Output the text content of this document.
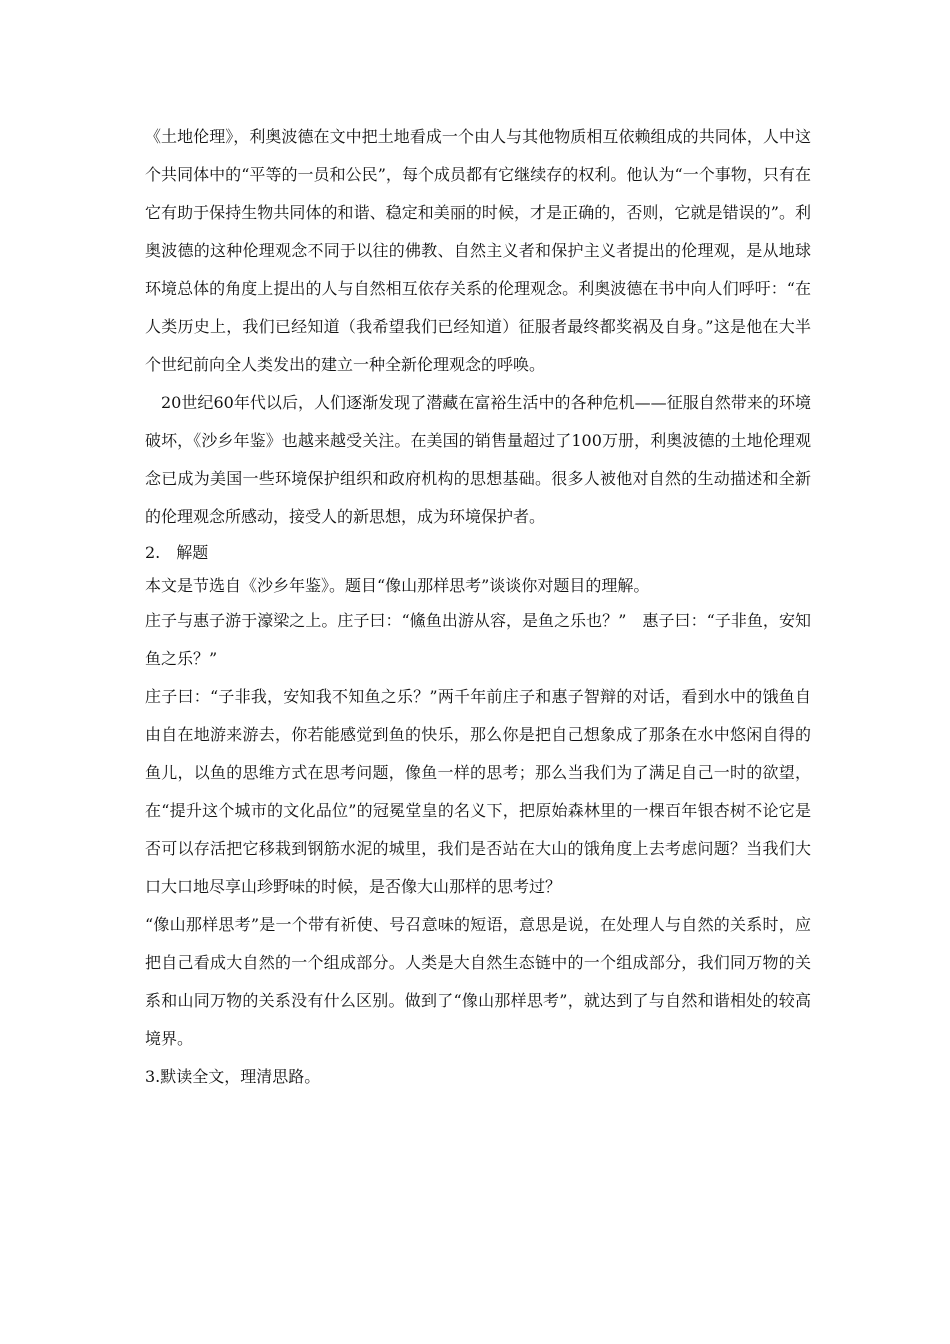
《土地伦理》，利奥波德在文中把土地看成一个由人与其他物质相互依赖组成的共同体，人中这个共同体中的“平等的一员和公民”，每个成员都有它继续存的权利。他认为“一个事物，只有在它有助于保持生物共同体的和谐、稳定和美丽的时候，才是正确的，否则，它就是错误的”。利奥波德的这种伦理观念不同于以往的佛教、自然主义者和保护主义者提出的伦理观，是从地球环境总体的角度上提出的人与自然相互依存关系的伦理观念。利奥波德在书中向人们呼吁：“在人类历史上，我们已经知道（我希望我们已经知道）征服者最终都奖祸及自身。”这是他在大半个世纪前向全人类发出的建立一种全新伦理观念的呼唤。

20世纪60年代以后，人们逐渐发现了潜藏在富裕生活中的各种危机——征服自然带来的环境破坏，《沙乡年鉴》也越来越受关注。在美国的销售量超过了100万册，利奥波德的土地伦理观念已成为美国一些环境保护组织和政府机构的思想基础。很多人被他对自然的生动描述和全新的伦理观念所感动，接受人的新思想，成为环境保护者。

2.　解题

本文是节选自《沙乡年鉴》。题目“像山那样思考”谈谈你对题目的理解。

庄子与惠子游于濠梁之上。庄子曰：“鯈鱼出游从容，是鱼之乐也？”　惠子曰：“子非鱼，安知鱼之乐？”

庄子曰：“子非我，安知我不知鱼之乐？”两千年前庄子和惠子智辩的对话，看到水中的饿鱼自由自在地游来游去，你若能感觉到鱼的快乐，那么你是把自己想象成了那条在水中悠闲自得的鱼儿，以鱼的思维方式在思考问题，像鱼一样的思考；那么当我们为了满足自己一时的欲望，在“提升这个城市的文化品位”的冠冕堂皇的名义下，把原始森林里的一棵百年银杏树不论它是否可以存活把它移栽到钢筋水泥的城里，我们是否站在大山的饿角度上去考虑问题？当我们大口大口地尽享山珍野味的时候，是否像大山那样的思考过？

“像山那样思考”是一个带有祈使、号召意味的短语，意思是说，在处理人与自然的关系时，应把自己看成大自然的一个组成部分。人类是大自然生态链中的一个组成部分，我们同万物的关系和山同万物的关系没有什么区别。做到了“像山那样思考”，就达到了与自然和谐相处的较高境界。

3.默读全文，理清思路。
